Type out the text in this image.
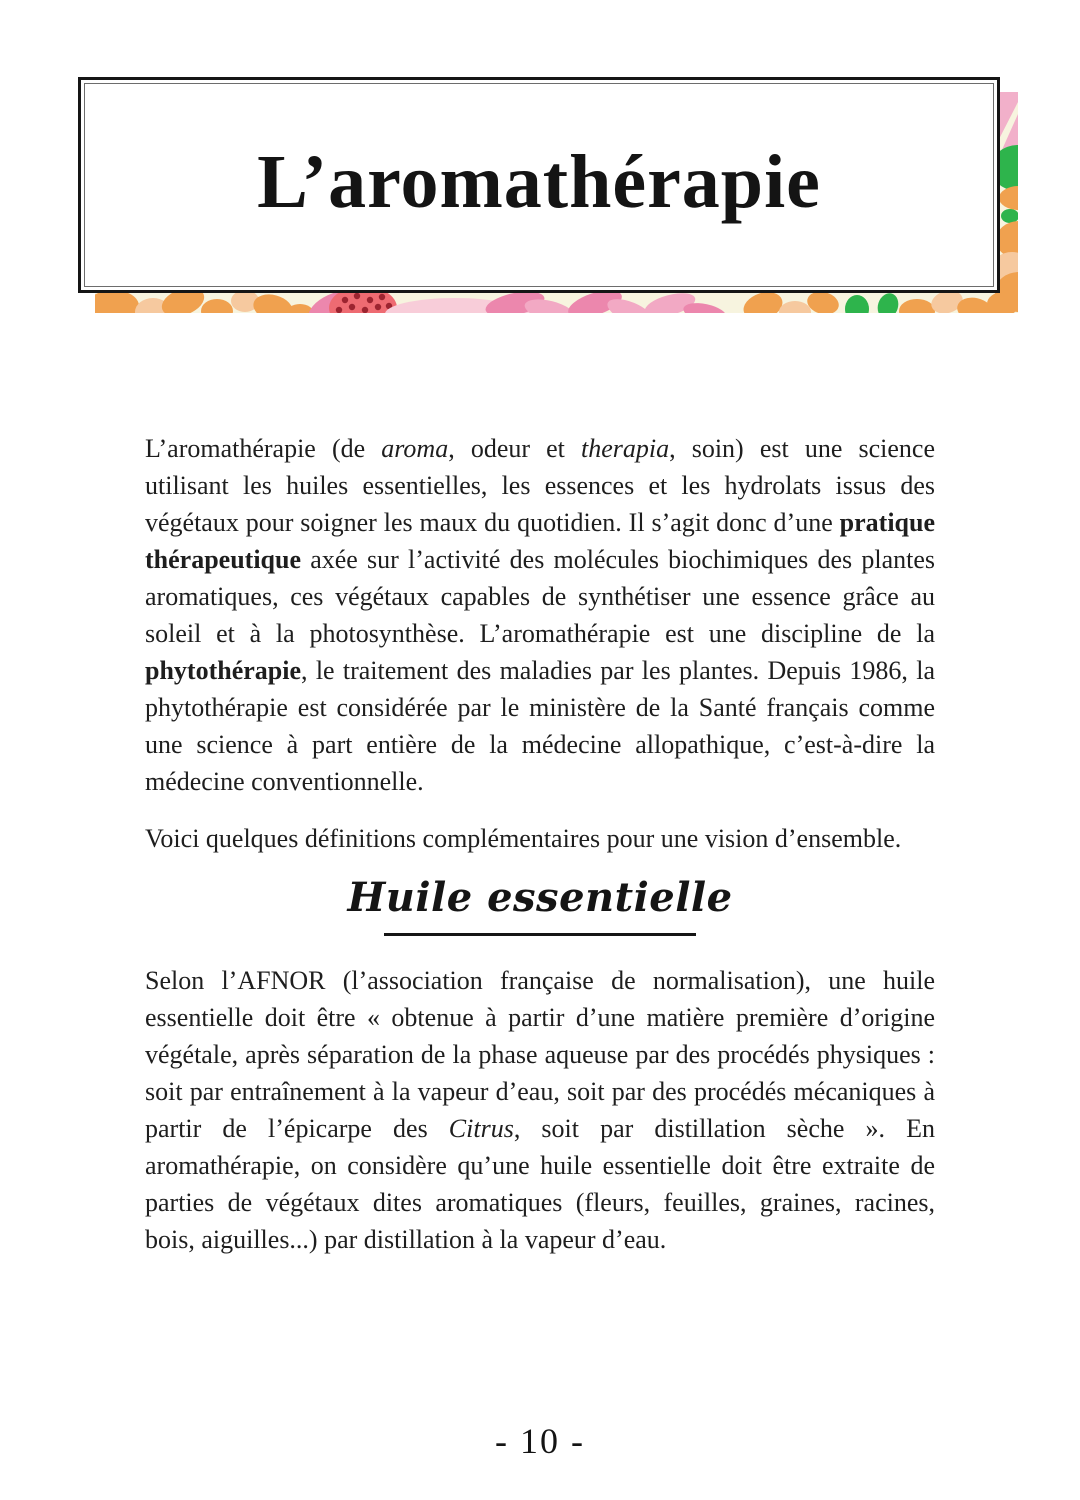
L’aromathérapie

L’aromathérapie (de aroma, odeur et therapia, soin) est une science utilisant les huiles essentielles, les essences et les hydrolats issus des végétaux pour soigner les maux du quotidien. Il s’agit donc d’une pratique thérapeutique axée sur l’activité des molécules biochimiques des plantes aromatiques, ces végétaux capables de synthétiser une essence grâce au soleil et à la photosynthèse. L’aromathérapie est une discipline de la phytothérapie, le traitement des maladies par les plantes. Depuis 1986, la phytothérapie est considérée par le ministère de la Santé français comme une science à part entière de la médecine allopathique, c’est-à-dire la médecine conventionnelle.

Voici quelques définitions complémentaires pour une vision d’ensemble.

Huile essentielle

Selon l’AFNOR (l’association française de normalisation), une huile essentielle doit être « obtenue à partir d’une matière première d’origine végétale, après séparation de la phase aqueuse par des procédés physiques : soit par entraînement à la vapeur d’eau, soit par des procédés mécaniques à partir de l’épicarpe des Citrus, soit par distillation sèche ». En aromathérapie, on considère qu’une huile essentielle doit être extraite de parties de végétaux dites aromatiques (fleurs, feuilles, graines, racines, bois, aiguilles...) par distillation à la vapeur d’eau.

- 10 -
